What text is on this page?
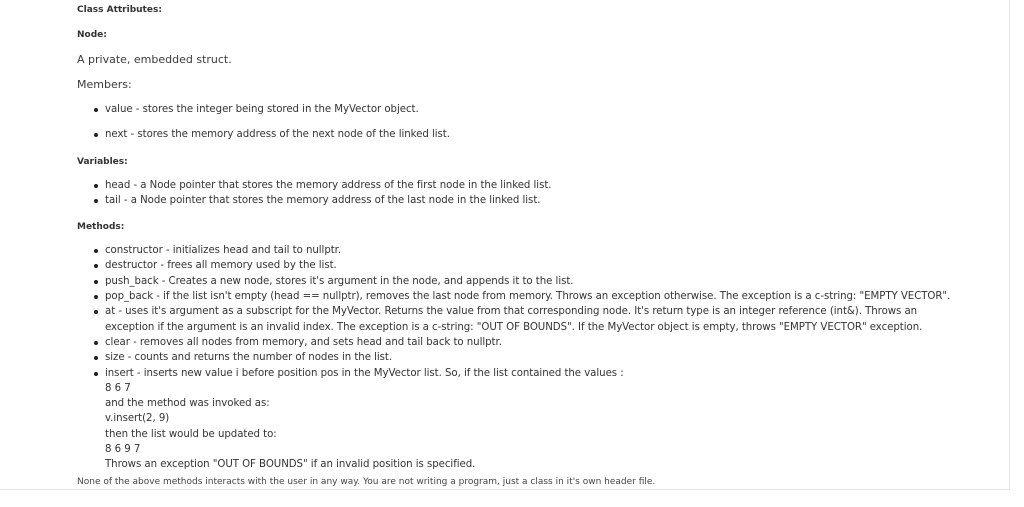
Class Attributes:

Node:

A private, embedded struct.

Members:

value - stores the integer being stored in the MyVector object.
next - stores the memory address of the next node of the linked list.

Variables:

head - a Node pointer that stores the memory address of the first node in the linked list.
tail - a Node pointer that stores the memory address of the last node in the linked list.

Methods:

constructor - initializes head and tail to nullptr.
destructor - frees all memory used by the list.
push_back - Creates a new node, stores it's argument in the node, and appends it to the list.
pop_back - if the list isn't empty (head == nullptr), removes the last node from memory. Throws an exception otherwise. The exception is a c-string: "EMPTY VECTOR".
at - uses it's argument as a subscript for the MyVector. Returns the value from that corresponding node. It's return type is an integer reference (int&). Throws an
exception if the argument is an invalid index. The exception is a c-string: "OUT OF BOUNDS". If the MyVector object is empty, throws "EMPTY VECTOR" exception.
clear - removes all nodes from memory, and sets head and tail back to nullptr.
size - counts and returns the number of nodes in the list.
insert - inserts new value i before position pos in the MyVector list. So, if the list contained the values :
8 6 7
and the method was invoked as:
v.insert(2, 9)
then the list would be updated to:
8 6 9 7
Throws an exception "OUT OF BOUNDS" if an invalid position is specified.

None of the above methods interacts with the user in any way. You are not writing a program, just a class in it's own header file.
